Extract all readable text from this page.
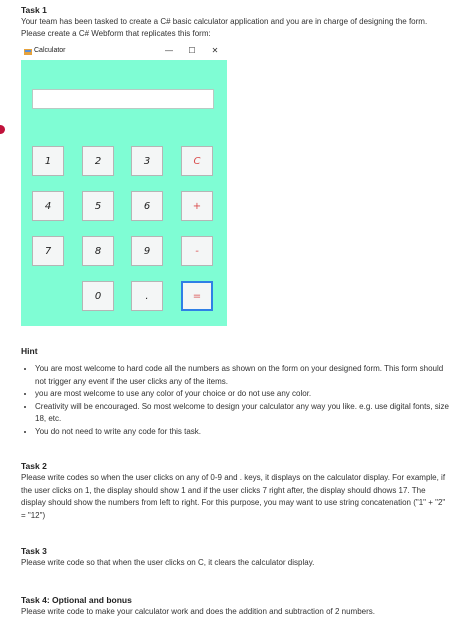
Task 1
Your team has been tasked to create a C# basic calculator application and you are in charge of designing the form.
Please create a C# Webform that replicates this form:
Calculator	—	☐	✕
1	2	3	C
4	5	6	+
7	8	9	-
0	.	=
Hint
• You are most welcome to hard code all the numbers as shown on the form on your designed form. This form should not trigger any event if the user clicks any of the items.
• you are most welcome to use any color of your choice or do not use any color.
• Creativity will be encouraged. So most welcome to design your calculator any way you like. e.g. use digital fonts, size 18, etc.
• You do not need to write any code for this task.
Task 2
Please write codes so when the user clicks on any of 0-9 and . keys, it displays on the calculator display. For example, if the user clicks on 1, the display should show 1 and if the user clicks 7 right after, the display should dhows 17. The display should show the numbers from left to right. For this purpose, you may want to use string concatenation ("1" + "2" = "12")
Task 3
Please write code so that when the user clicks on C, it clears the calculator display.
Task 4: Optional and bonus
Please write code to make your calculator work and does the addition and subtraction of 2 numbers.
